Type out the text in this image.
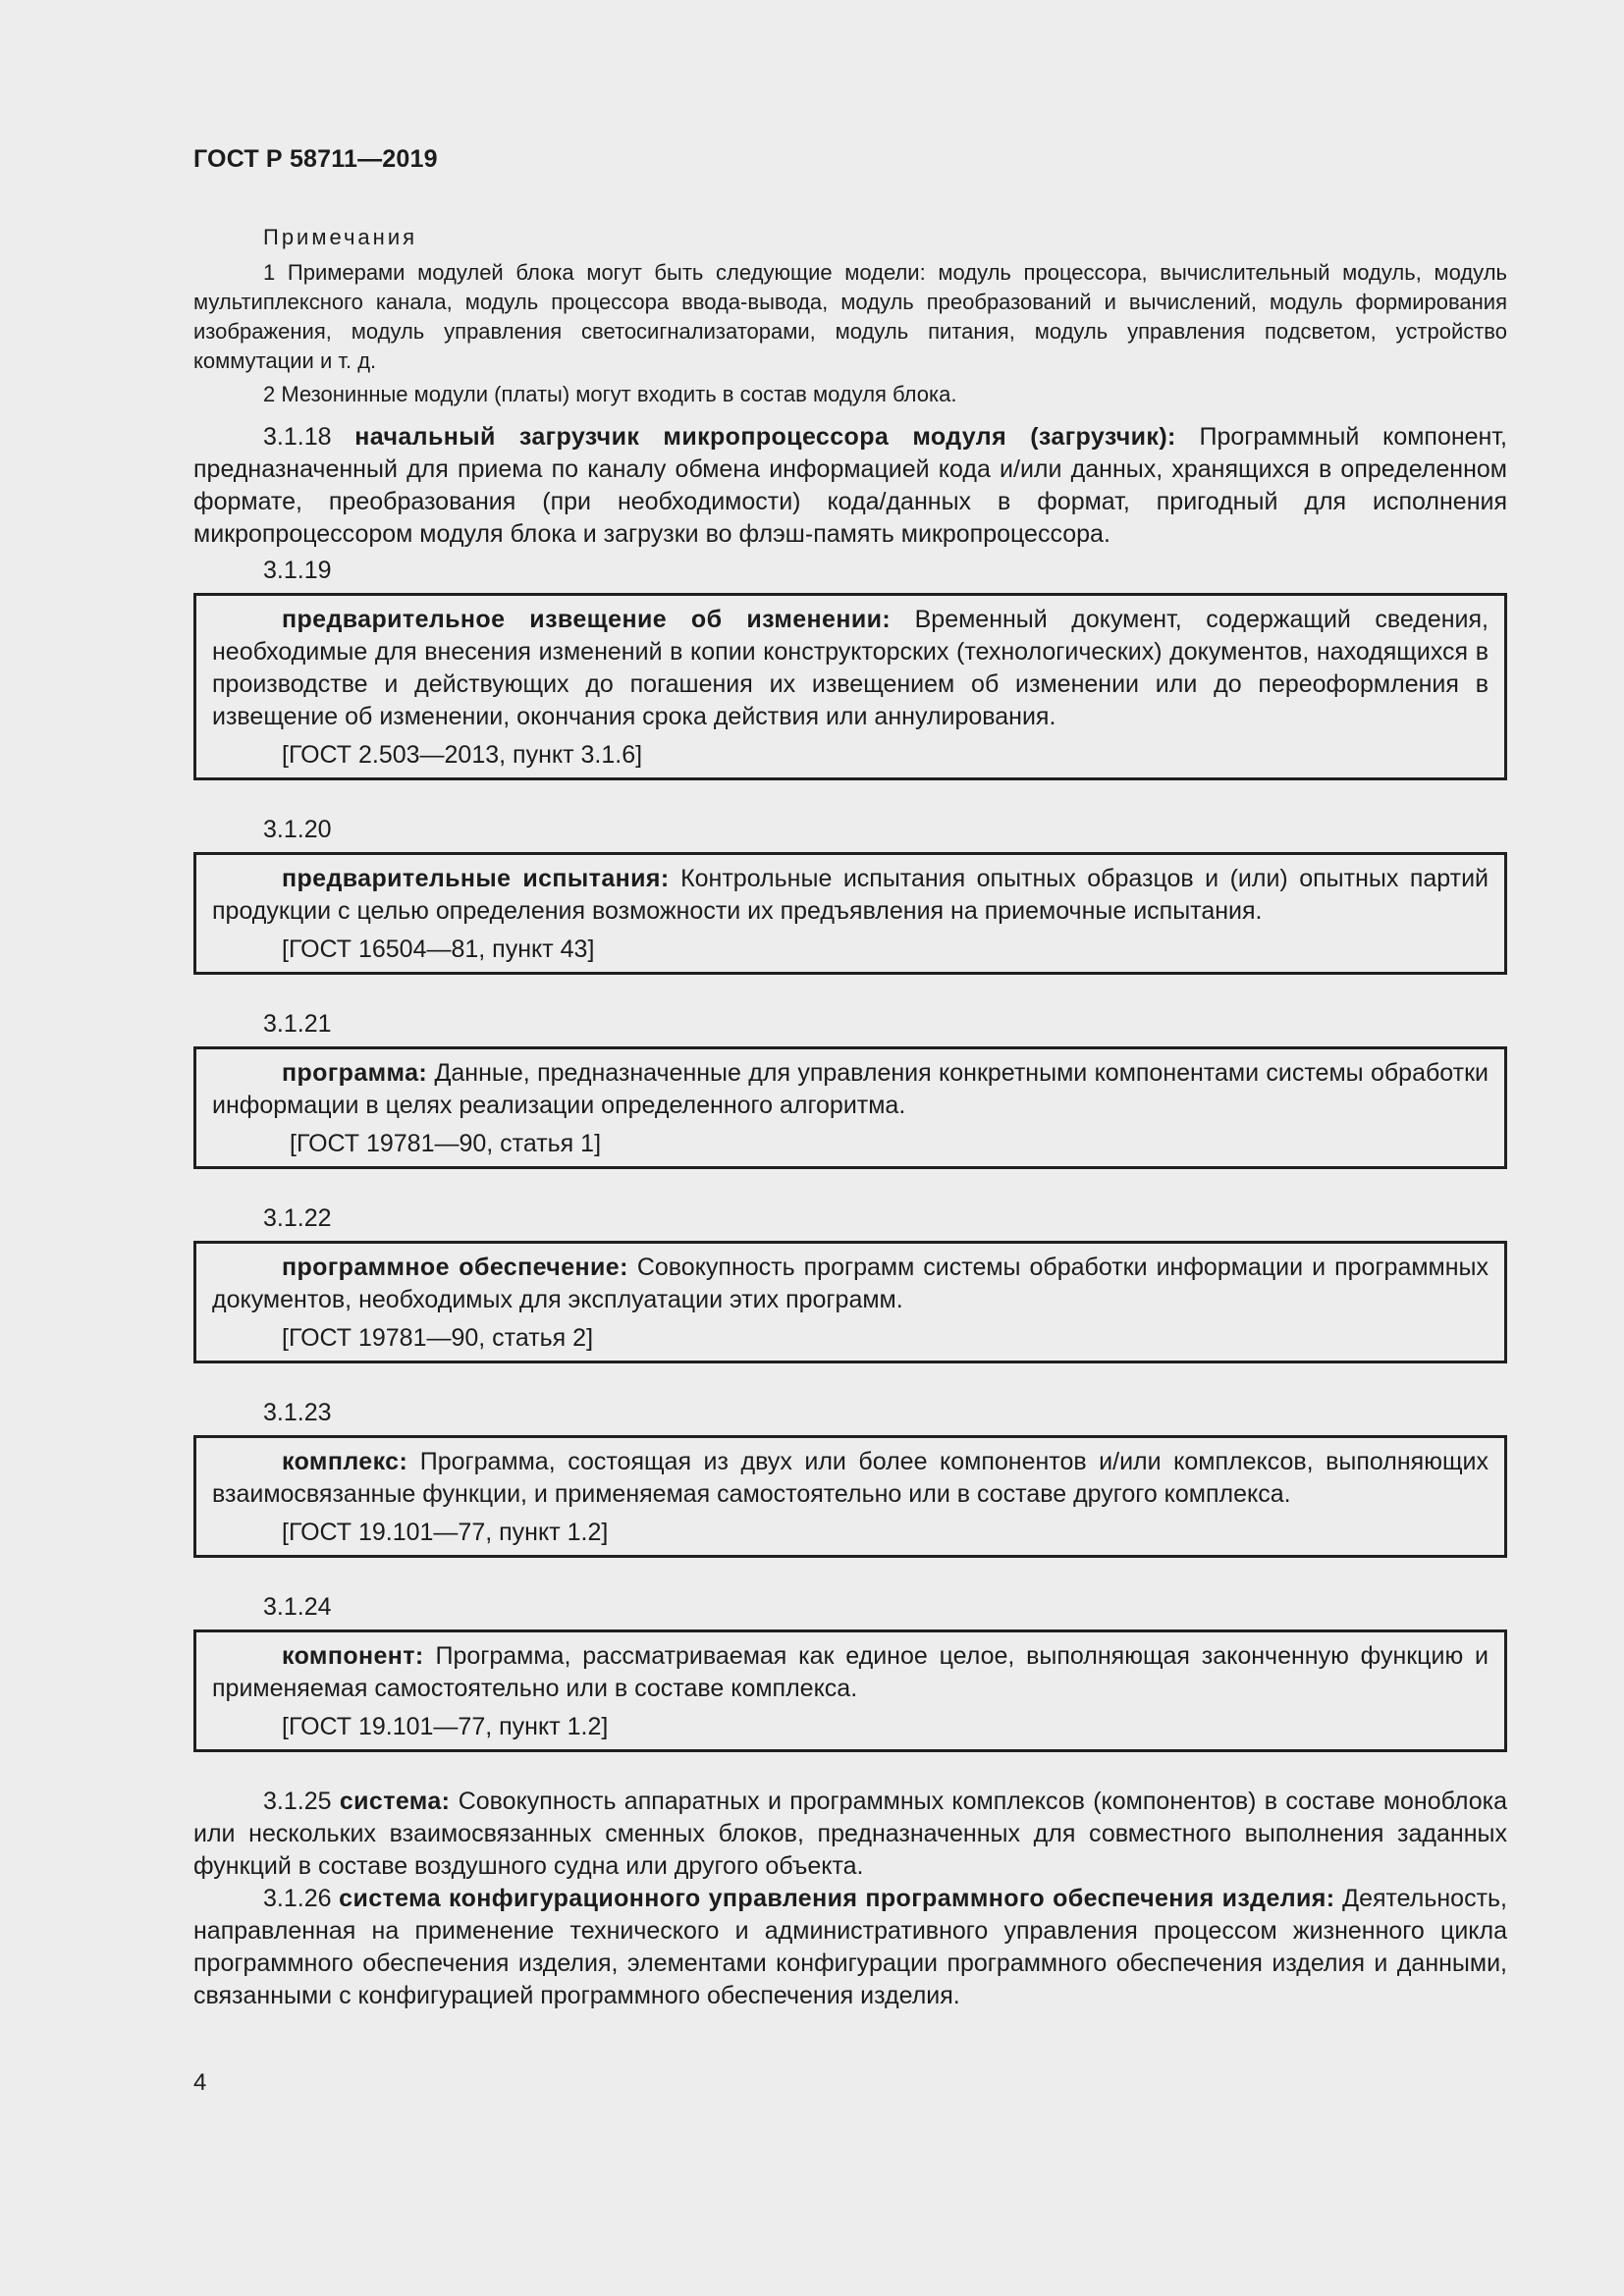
ГОСТ Р 58711—2019
Примечания

1 Примерами модулей блока могут быть следующие модели: модуль процессора, вычислительный модуль, модуль мультиплексного канала, модуль процессора ввода-вывода, модуль преобразований и вычислений, модуль формирования изображения, модуль управления светосигнализаторами, модуль питания, модуль управления подсветом, устройство коммутации и т. д.

2 Мезонинные модули (платы) могут входить в состав модуля блока.

3.1.18 начальный загрузчик микропроцессора модуля (загрузчик): Программный компонент, предназначенный для приема по каналу обмена информацией кода и/или данных, хранящихся в определенном формате, преобразования (при необходимости) кода/данных в формат, пригодный для исполнения микропроцессором модуля блока и загрузки во флэш-память микропроцессора.

3.1.19

предварительное извещение об изменении: Временный документ, содержащий сведения, необходимые для внесения изменений в копии конструкторских (технологических) документов, находящихся в производстве и действующих до погашения их извещением об изменении или до переоформления в извещение об изменении, окончания срока действия или аннулирования.

[ГОСТ 2.503—2013, пункт 3.1.6]
3.1.20

предварительные испытания: Контрольные испытания опытных образцов и (или) опытных партий продукции с целью определения возможности их предъявления на приемочные испытания.

[ГОСТ 16504—81, пункт 43]
3.1.21

программа: Данные, предназначенные для управления конкретными компонентами системы обработки информации в целях реализации определенного алгоритма.

[ГОСТ 19781—90, статья 1]
3.1.22

программное обеспечение: Совокупность программ системы обработки информации и программных документов, необходимых для эксплуатации этих программ.

[ГОСТ 19781—90, статья 2]
3.1.23

комплекс: Программа, состоящая из двух или более компонентов и/или комплексов, выполняющих взаимосвязанные функции, и применяемая самостоятельно или в составе другого комплекса.

[ГОСТ 19.101—77, пункт 1.2]
3.1.24

компонент: Программа, рассматриваемая как единое целое, выполняющая законченную функцию и применяемая самостоятельно или в составе комплекса.

[ГОСТ 19.101—77, пункт 1.2]

3.1.25 система: Совокупность аппаратных и программных комплексов (компонентов) в составе моноблока или нескольких взаимосвязанных сменных блоков, предназначенных для совместного выполнения заданных функций в составе воздушного судна или другого объекта.

3.1.26 система конфигурационного управления программного обеспечения изделия: Деятельность, направленная на применение технического и административного управления процессом жизненного цикла программного обеспечения изделия, элементами конфигурации программного обеспечения изделия и данными, связанными с конфигурацией программного обеспечения изделия.

4
